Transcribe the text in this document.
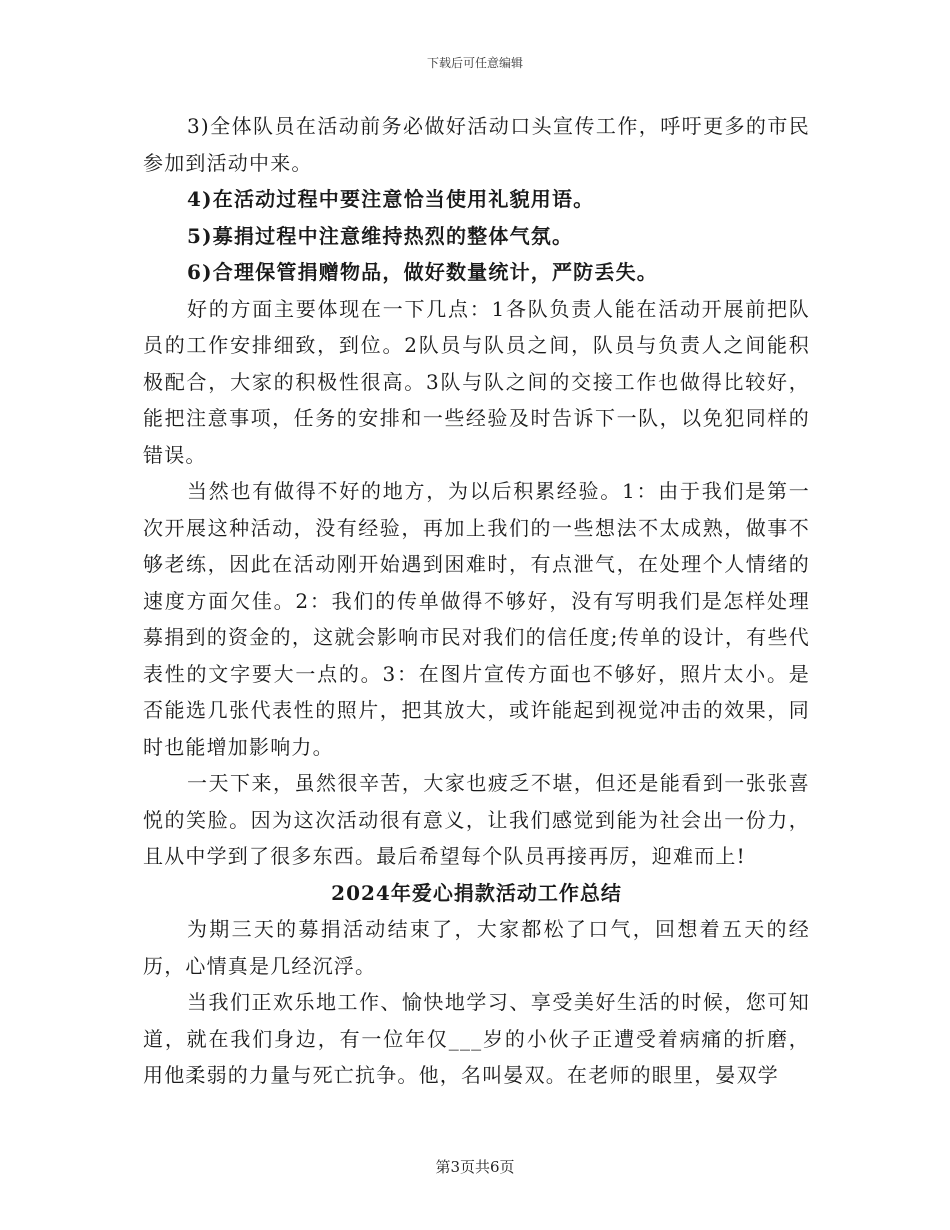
下载后可任意编辑

3)全体队员在活动前务必做好活动口头宣传工作，呼吁更多的市民参加到活动中来。

4)在活动过程中要注意恰当使用礼貌用语。

5)募捐过程中注意维持热烈的整体气氛。

6)合理保管捐赠物品，做好数量统计，严防丢失。

好的方面主要体现在一下几点：1各队负责人能在活动开展前把队员的工作安排细致，到位。2队员与队员之间，队员与负责人之间能积极配合，大家的积极性很高。3队与队之间的交接工作也做得比较好，能把注意事项，任务的安排和一些经验及时告诉下一队，以免犯同样的错误。

当然也有做得不好的地方，为以后积累经验。1：由于我们是第一次开展这种活动，没有经验，再加上我们的一些想法不太成熟，做事不够老练，因此在活动刚开始遇到困难时，有点泄气，在处理个人情绪的速度方面欠佳。2：我们的传单做得不够好，没有写明我们是怎样处理募捐到的资金的，这就会影响市民对我们的信任度;传单的设计，有些代表性的文字要大一点的。3：在图片宣传方面也不够好，照片太小。是否能选几张代表性的照片，把其放大，或许能起到视觉冲击的效果，同时也能增加影响力。

一天下来，虽然很辛苦，大家也疲乏不堪，但还是能看到一张张喜悦的笑脸。因为这次活动很有意义，让我们感觉到能为社会出一份力，且从中学到了很多东西。最后希望每个队员再接再厉，迎难而上!

2024年爱心捐款活动工作总结

为期三天的募捐活动结束了，大家都松了口气，回想着五天的经历，心情真是几经沉浮。

当我们正欢乐地工作、愉快地学习、享受美好生活的时候，您可知道，就在我们身边，有一位年仅___岁的小伙子正遭受着病痛的折磨，用他柔弱的力量与死亡抗争。他，名叫晏双。在老师的眼里，晏双学

第3页共6页
